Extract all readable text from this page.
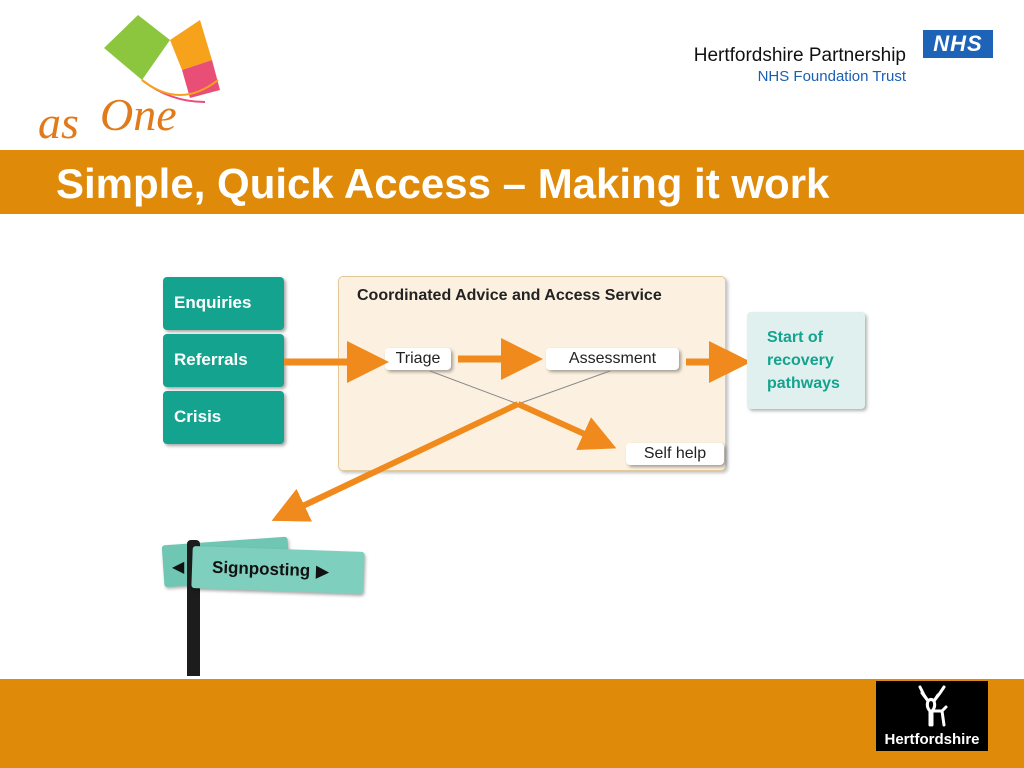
as One
Hertfordshire Partnership
NHS Foundation Trust
NHS
Simple, Quick Access – Making it work
Enquiries
Referrals
Crisis
Coordinated Advice and Access Service
Triage	Assessment
Self help
Start of
recovery
pathways
◀ Signposting ▶
Hertfordshire
